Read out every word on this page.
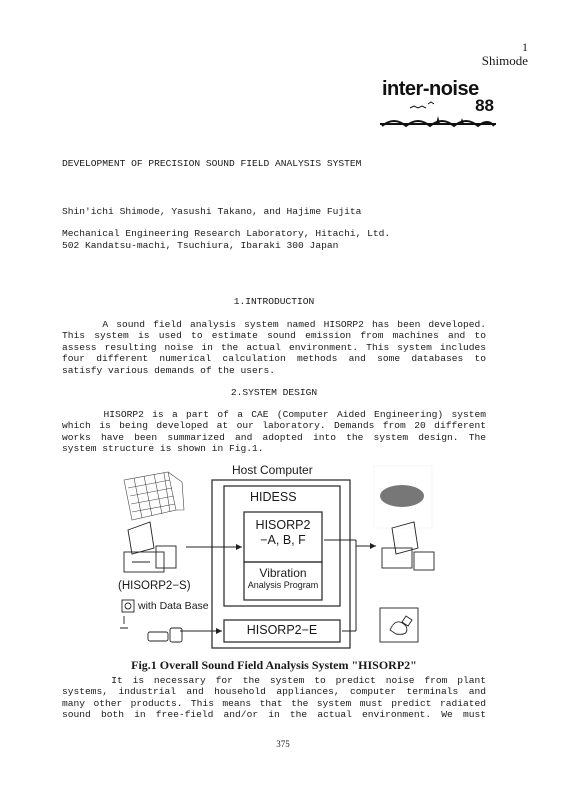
1
Shimode
inter-noise
88
DEVELOPMENT OF PRECISION SOUND FIELD ANALYSIS SYSTEM
Shin'ichi Shimode, Yasushi Takano, and Hajime Fujita
Mechanical Engineering Research Laboratory, Hitachi, Ltd.
502 Kandatsu-machi, Tsuchiura, Ibaraki 300 Japan
1.INTRODUCTION

A sound field analysis system named HISORP2 has been developed.

This system is used to estimate sound emission from machines and to

assess resulting noise in the actual environment. This system includes

four different numerical calculation methods and some databases to

satisfy various demands of the users.

2.SYSTEM DESIGN

HISORP2 is a part of a CAE (Computer Aided Engineering) system

which is being developed at our laboratory. Demands from 20 different

works have been summarized and adopted into the system design. The

system structure is shown in Fig.1.

Host Computer
HIDESS
HISORP2
−A, B, F
Vibration
Analysis Program
HISORP2−E
(HISORP2−S)
with Data Base
Fig.1 Overall Sound Field Analysis System "HISORP2"

It is necessary for the system to predict noise from plant

systems, industrial and household appliances, computer terminals and

many other products. This means that the system must predict radiated

sound both in free-field and/or in the actual environment. We must

375
